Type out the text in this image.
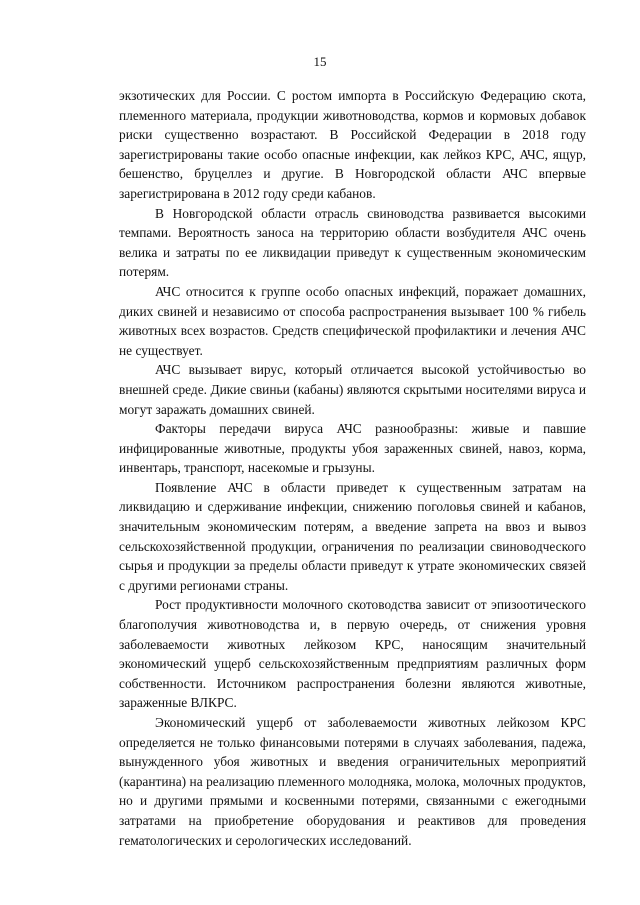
15

экзотических для России. С ростом импорта в Российскую Федерацию скота, племенного материала, продукции животноводства, кормов и кормовых добавок риски существенно возрастают. В Российской Федерации в 2018 году зарегистрированы такие особо опасные инфекции, как лейкоз КРС, АЧС, ящур, бешенство, бруцеллез и другие. В Новгородской области АЧС впервые зарегистрирована в 2012 году среди кабанов.

В Новгородской области отрасль свиноводства развивается высокими темпами. Вероятность заноса на территорию области возбудителя АЧС очень велика и затраты по ее ликвидации приведут к существенным экономическим потерям.

АЧС относится к группе особо опасных инфекций, поражает домашних, диких свиней и независимо от способа распространения вызывает 100 % гибель животных всех возрастов. Средств специфической профилактики и лечения АЧС не существует.

АЧС вызывает вирус, который отличается высокой устойчивостью во внешней среде. Дикие свиньи (кабаны) являются скрытыми носителями вируса и могут заражать домашних свиней.

Факторы передачи вируса АЧС разнообразны: живые и павшие инфицированные животные, продукты убоя зараженных свиней, навоз, корма, инвентарь, транспорт, насекомые и грызуны.

Появление АЧС в области приведет к существенным затратам на ликвидацию и сдерживание инфекции, снижению поголовья свиней и кабанов, значительным экономическим потерям, а введение запрета на ввоз и вывоз сельскохозяйственной продукции, ограничения по реализации свиноводческого сырья и продукции за пределы области приведут к утрате экономических связей с другими регионами страны.

Рост продуктивности молочного скотоводства зависит от эпизоотического благополучия животноводства и, в первую очередь, от снижения уровня заболеваемости животных лейкозом КРС, наносящим значительный экономический ущерб сельскохозяйственным предприятиям различных форм собственности. Источником распространения болезни являются животные, зараженные ВЛКРС.

Экономический ущерб от заболеваемости животных лейкозом КРС определяется не только финансовыми потерями в случаях заболевания, падежа, вынужденного убоя животных и введения ограничительных мероприятий (карантина) на реализацию племенного молодняка, молока, молочных продуктов, но и другими прямыми и косвенными потерями, связанными с ежегодными затратами на приобретение оборудования и реактивов для проведения гематологических и серологических исследований.
